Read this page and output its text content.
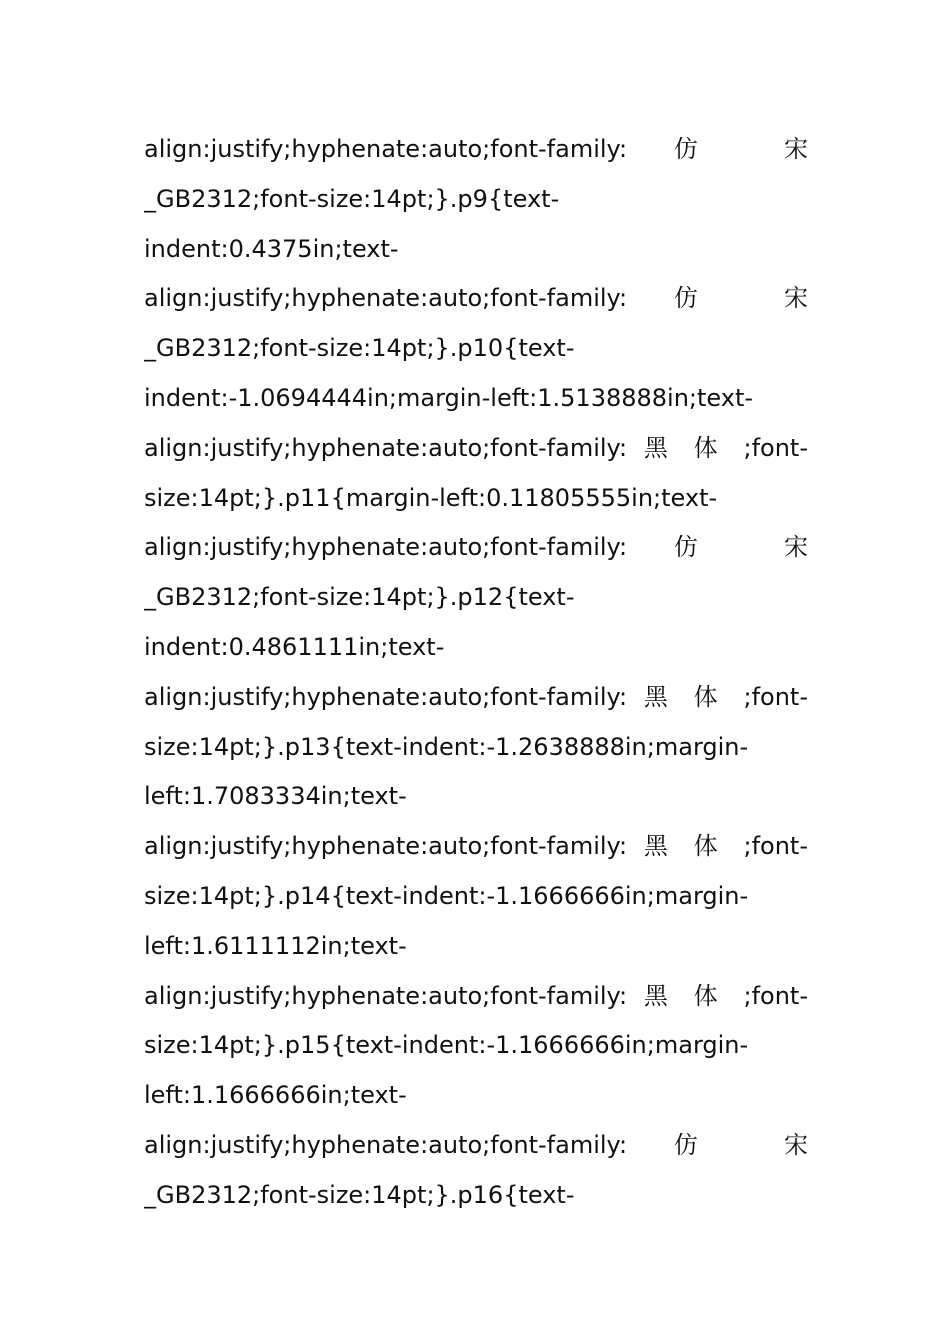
align:justify;hyphenate:auto;font-family: 仿 宋
_GB2312;font-size:14pt;}.p9{text-
indent:0.4375in;text-
align:justify;hyphenate:auto;font-family: 仿 宋
_GB2312;font-size:14pt;}.p10{text-
indent:-1.0694444in;margin-left:1.5138888in;text-
align:justify;hyphenate:auto;font-family: 黑 体 ;font-
size:14pt;}.p11{margin-left:0.11805555in;text-
align:justify;hyphenate:auto;font-family: 仿 宋
_GB2312;font-size:14pt;}.p12{text-
indent:0.4861111in;text-
align:justify;hyphenate:auto;font-family: 黑 体 ;font-
size:14pt;}.p13{text-indent:-1.2638888in;margin-
left:1.7083334in;text-
align:justify;hyphenate:auto;font-family: 黑 体 ;font-
size:14pt;}.p14{text-indent:-1.1666666in;margin-
left:1.6111112in;text-
align:justify;hyphenate:auto;font-family: 黑 体 ;font-
size:14pt;}.p15{text-indent:-1.1666666in;margin-
left:1.1666666in;text-
align:justify;hyphenate:auto;font-family: 仿 宋
_GB2312;font-size:14pt;}.p16{text-
